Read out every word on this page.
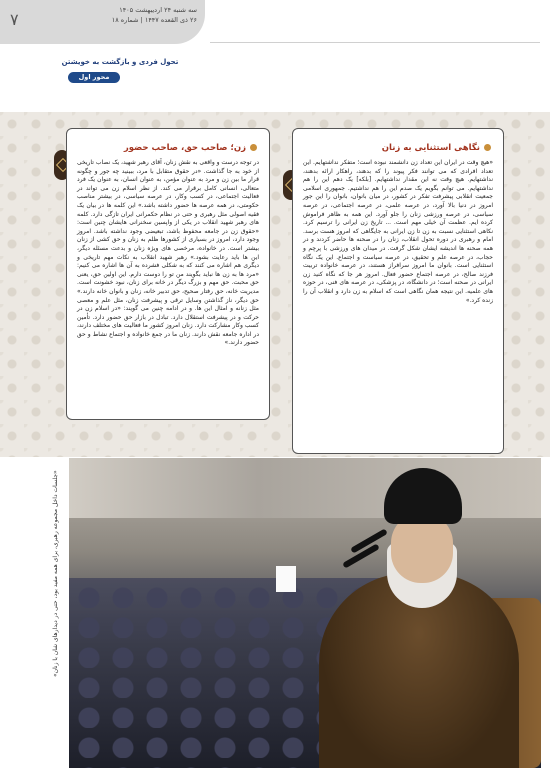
۷	سه شنبه ۲۴ اردیبهشت ۱۴۰۵
۲۶ ذی القعده ۱۴۴۷ | شماره ۱۸
تحول فردی و بازگشت به خویشتن
محور اول
نگاهی استثنایی به زنان
«هیچ وقت در ایران این تعداد زن دانشمند نبوده است؛ متفکر نداشتهایم. این تعداد افرادی که می توانند فکر پیوند را که بدهند، راهکار ارائه بدهند، نداشتهایم. هیچ وقت نه این مقدار نداشتهایم. [بلکه] یک دهم این را هم نداشتهایم. می توانم بگویم یک صدم این را هم نداشتیم. جمهوری اسلامی جمعیت انقلابی پیشرفت تفکر در کشور، در میان بانوان، بانوان را این جور امروز در دنیا بالا آورد، در عرصه علمی، در عرصه اجتماعی، در عرصه سیاسی، در عرصه ورزشی زنان را جلو آورد. این همه به ظاهر فراموش کرده ایم. عظمت آن خیلی مهم است. ... تاریخ زن ایرانی را ترسیم کرد. نکاهی استثنایی نسبت به زن تا زن ایرانی به جایگاهی که امروز هست برسد. امام و رهبری در دوره تحول انقلاب، زنان را در صحنه ها حاضر کردند و در همه صحنه ها اندیشه ایشان شکل گرفت. در میدان های ورزشی با پرچم و حجاب، در عرصه علم و تحقیق، در عرصه سیاست و اجتماع. این یک نگاه استثنایی است. بانوان ما امروز سرافراز هستند، در عرصه خانواده تربیت فرزند صالح، در عرصه اجتماع حضور فعال. امروز هر جا که نگاه کنید زن ایرانی در صحنه است؛ در دانشگاه، در پزشکی، در عرصه های فنی، در حوزه های علمیه. این نتیجه همان نگاهی است که اسلام به زن دارد و انقلاب آن را زنده کرد.»
زن؛ صاحب حق، صاحب حضور
در توجه درست و واقعی به نقش زنان، آقای رهبر شهید، یک نصاب تاریخی از خود به جا گذاشت. «در حقوق متقابل با مرد، ببینید چه جور و چگونه قرار ما بین زن و مرد به عنوان مؤمن، به عنوان انسان، به عنوان یک فرد متعالی، انسانی کامل برقرار می کند. از نظر اسلام زن می تواند در فعالیت اجتماعی، در کسب وکار، در عرصه سیاسی، در بیشتر مناصب حکومتی، در همه عرصه ها حضور داشته باشد.» این کلمه ها در بیان یک فقیه اصولی مثل رهبری و حتی در نظام حکمرانی ایران تازگی دارد. کلمه های رهبر شهید انقلاب در یکی از واپسین سخنرانی هایشان چنین است: «حقوق زن در جامعه محفوظ باشد، تبعیضی وجود نداشته باشد. امروز وجود دارد، امروز در بسیاری از کشورها ظلم به زنان و حق کشی از زنان بیشتر است. در خانواده، مرخصی های ویژه زنان و بدعت مسئله دیگر، این ها باید رعایت بشود.» رهبر شهید انقلاب به نکات مهم تاریخی و دیگری هم اشاره می کنند که به شکلی فشرده به آن ها اشاره می کنیم: «مرد ها به زن ها نباید بگویند من تو را دوست دارم. این اولین حق، یعنی حق محبت. حق مهم و بزرگ دیگر در خانه برای زنان، نبود خشونت است. مدیریت خانه، حق رفتار صحیح، حق تدبیر خانه، زنان و بانوان خانه دارند.» حق دیگر، ناز گذاشتن وسایل ترقی و پیشرفت زنان، مثل علم و معصی مثل زنانه و امثال این ها. و در ادامه چنین می گویند: «در اسلام زن در حرکت و در پیشرفت استقلال دارد. تبادل در بازار حق حضور دارد. تأمین کسب وکار مشارکت دارد. زنان امروز کشور ما فعالیت های مختلف دارند، در اداره جامعه نقش دارند. زنان ما در جمع خانواده و اجتماع نشاط و حق حضور دارند.»
«جلسات داخل مجموعه رهبری، برای همه مفید بود، حتی در دیدارهای شان با زنان»
